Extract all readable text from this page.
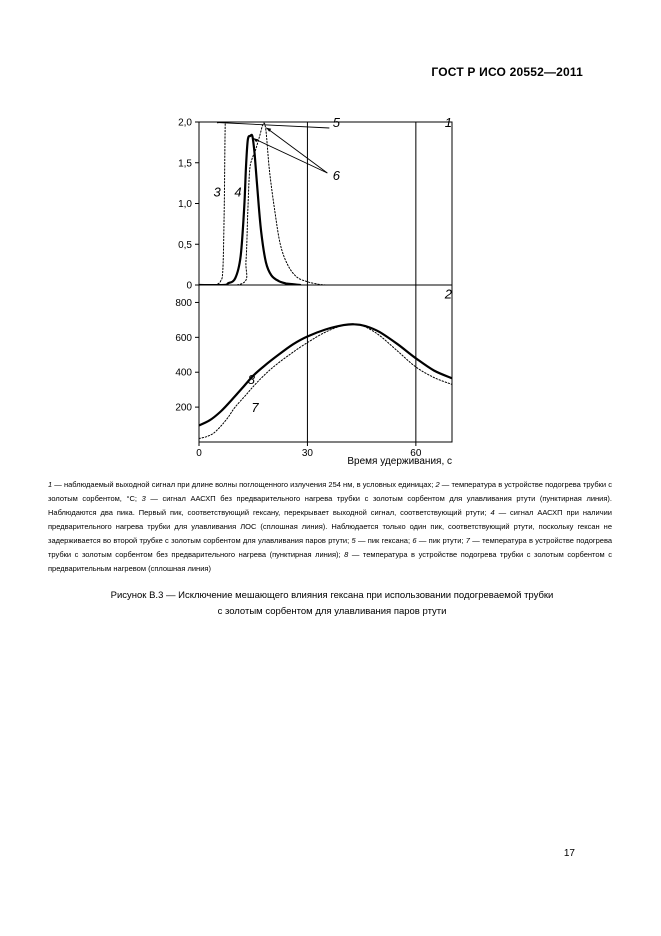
ГОСТ Р ИСО 20552—2011
0
0,5
1,0
1,5
2,0
3 4
5
6
1
200
400
600
800
0	30	60
Время удерживания, с
7
8
2
1 — наблюдаемый выходной сигнал при длине волны поглощенного излучения 254 нм, в условных единицах; 2 — температура в устройстве подогрева трубки с золотым сорбентом, °С; 3 — сигнал ААСХП без предварительного нагрева трубки с золотым сорбентом для улавливания ртути (пунктирная линия). Наблюдаются два пика. Первый пик, соответствующий гексану, перекрывает выходной сигнал, соответствующий ртути; 4 — сигнал ААСХП при наличии предварительного нагрева трубки для улавливания ЛОС (сплошная линия). Наблюдается только один пик, соответствующий ртути, поскольку гексан не задерживается во второй трубке с золотым сорбентом для улавливания паров ртути; 5 — пик гексана; 6 — пик ртути; 7 — температура в устройстве подогрева трубки с золотым сорбентом без предварительного нагрева (пунктирная линия); 8 — температура в устройстве подогрева трубки с золотым сорбентом с предварительным нагревом (сплошная линия)
Рисунок В.3 — Исключение мешающего влияния гексана при использовании подогреваемой трубки
с золотым сорбентом для улавливания паров ртути
17
